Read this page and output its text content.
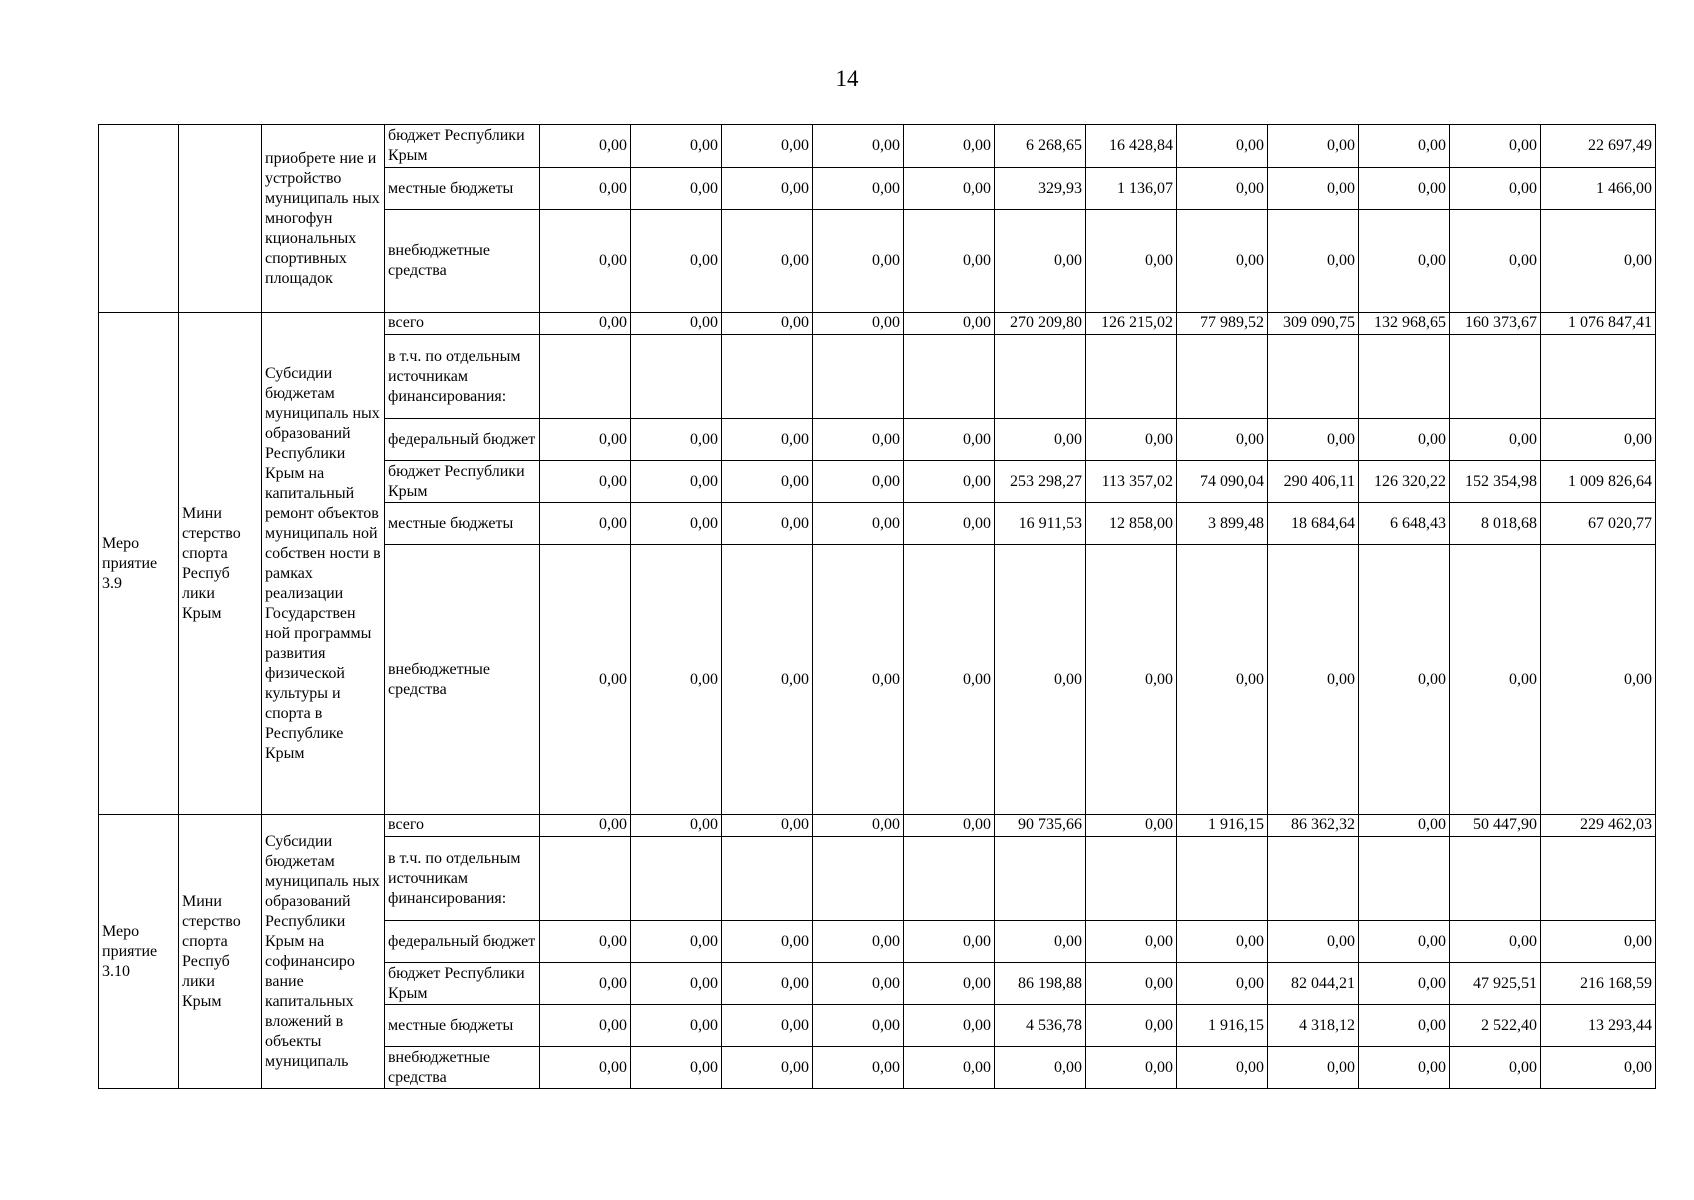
14
		приобрете ние и устройство муниципаль ных многофун кциональных спортивных площадок	бюджет Республики Крым	0,00	0,00	0,00	0,00	0,00	6 268,65	16 428,84	0,00	0,00	0,00	0,00	22 697,49
			местные бюджеты	0,00	0,00	0,00	0,00	0,00	329,93	1 136,07	0,00	0,00	0,00	0,00	1 466,00
			внебюджетные средства	0,00	0,00	0,00	0,00	0,00	0,00	0,00	0,00	0,00	0,00	0,00	0,00
Меро приятие 3.9	Мини стерство спорта Респуб лики Крым	Субсидии бюджетам муниципаль ных образований Республики Крым на капитальный ремонт объектов муниципаль ной собствен ности в рамках реализации Государствен ной программы развития физической культуры и спорта в Республике Крым	всего	0,00	0,00	0,00	0,00	0,00	270 209,80	126 215,02	77 989,52	309 090,75	132 968,65	160 373,67	1 076 847,41
			в т.ч. по отдельным источникам финансирования:												
			федеральный бюджет	0,00	0,00	0,00	0,00	0,00	0,00	0,00	0,00	0,00	0,00	0,00	0,00
			бюджет Республики Крым	0,00	0,00	0,00	0,00	0,00	253 298,27	113 357,02	74 090,04	290 406,11	126 320,22	152 354,98	1 009 826,64
			местные бюджеты	0,00	0,00	0,00	0,00	0,00	16 911,53	12 858,00	3 899,48	18 684,64	6 648,43	8 018,68	67 020,77
			внебюджетные средства	0,00	0,00	0,00	0,00	0,00	0,00	0,00	0,00	0,00	0,00	0,00	0,00
Меро приятие 3.10	Мини стерство спорта Респуб лики Крым	Субсидии бюджетам муниципаль ных образований Республики Крым на софинансиро вание капитальных вложений в объекты муниципаль	всего	0,00	0,00	0,00	0,00	0,00	90 735,66	0,00	1 916,15	86 362,32	0,00	50 447,90	229 462,03
			в т.ч. по отдельным источникам финансирования:												
			федеральный бюджет	0,00	0,00	0,00	0,00	0,00	0,00	0,00	0,00	0,00	0,00	0,00	0,00
			бюджет Республики Крым	0,00	0,00	0,00	0,00	0,00	86 198,88	0,00	0,00	82 044,21	0,00	47 925,51	216 168,59
			местные бюджеты	0,00	0,00	0,00	0,00	0,00	4 536,78	0,00	1 916,15	4 318,12	0,00	2 522,40	13 293,44
			внебюджетные средства	0,00	0,00	0,00	0,00	0,00	0,00	0,00	0,00	0,00	0,00	0,00	0,00
